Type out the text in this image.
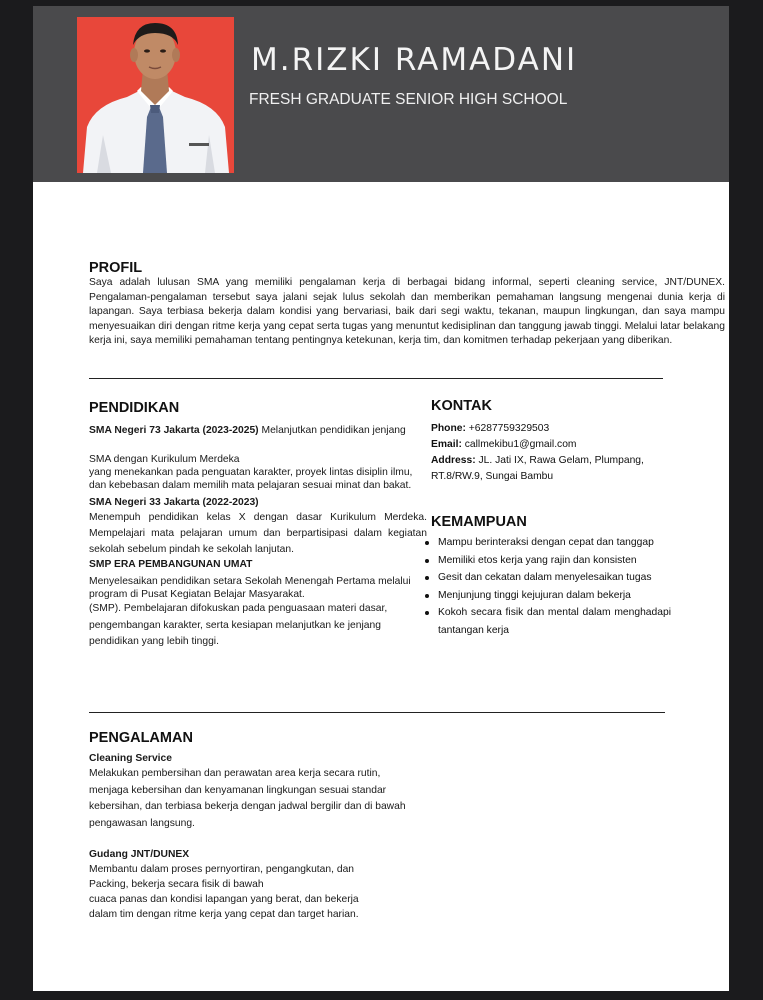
M.RIZKI RAMADANI
FRESH GRADUATE SENIOR HIGH SCHOOL
PROFIL
Saya adalah lulusan SMA yang memiliki pengalaman kerja di berbagai bidang informal, seperti cleaning service, JNT/DUNEX. Pengalaman-pengalaman tersebut saya jalani sejak lulus sekolah dan memberikan pemahaman langsung mengenai dunia kerja di lapangan. Saya terbiasa bekerja dalam kondisi yang bervariasi, baik dari segi waktu, tekanan, maupun lingkungan, dan saya mampu menyesuaikan diri dengan ritme kerja yang cepat serta tugas yang menuntut kedisiplinan dan tanggung jawab tinggi. Melalui latar belakang kerja ini, saya memiliki pemahaman tentang pentingnya ketekunan, kerja tim, dan komitmen terhadap pekerjaan yang diberikan.
PENDIDIKAN

SMA Negeri 73 Jakarta (2023-2025) Melanjutkan pendidikan jenjang

SMA dengan Kurikulum Merdeka

yang menekankan pada penguatan karakter, proyek lintas disiplin ilmu, dan kebebasan dalam memilih mata pelajaran sesuai minat dan bakat.

SMA Negeri 33 Jakarta (2022-2023)

Menempuh pendidikan kelas X dengan dasar Kurikulum Merdeka. Mempelajari mata pelajaran umum dan berpartisipasi dalam kegiatan sekolah sebelum pindah ke sekolah lanjutan.

SMP ERA PEMBANGUNAN UMAT

Menyelesaikan pendidikan setara Sekolah Menengah Pertama melalui program di Pusat Kegiatan Belajar Masyarakat.

(SMP). Pembelajaran difokuskan pada penguasaan materi dasar, pengembangan karakter, serta kesiapan melanjutkan ke jenjang pendidikan yang lebih tinggi.

KONTAK

Phone: +6287759329503

Email: callmekibu1@gmail.com

Address: JL. Jati IX, Rawa Gelam, Plumpang, RT.8/RW.9, Sungai Bambu

KEMAMPUAN
Mampu berinteraksi dengan cepat dan tanggap
Memiliki etos kerja yang rajin dan konsisten
Gesit dan cekatan dalam menyelesaikan tugas
Menjunjung tinggi kejujuran dalam bekerja
Kokoh secara fisik dan mental dalam menghadapi tantangan kerja
PENGALAMAN

Cleaning Service

Melakukan pembersihan dan perawatan area kerja secara rutin, menjaga kebersihan dan kenyamanan lingkungan sesuai standar kebersihan, dan terbiasa bekerja dengan jadwal bergilir dan di bawah pengawasan langsung.

Gudang JNT/DUNEX

Membantu dalam proses pernyortiran, pengangkutan, dan

Packing, bekerja secara fisik di bawah

cuaca panas dan kondisi lapangan yang berat, dan bekerja

dalam tim dengan ritme kerja yang cepat dan target harian.
